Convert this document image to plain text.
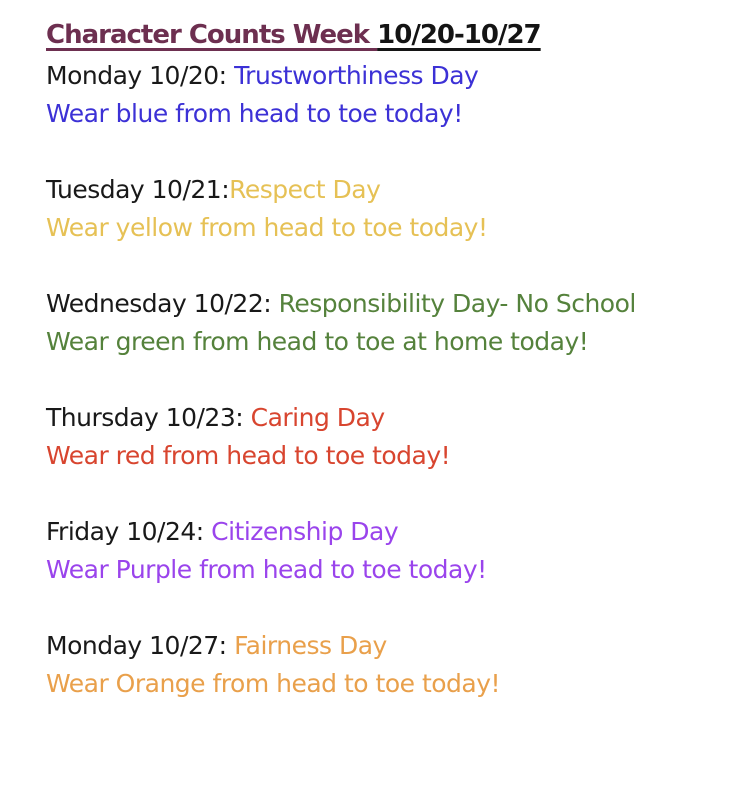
Character Counts Week 10/20-10/27
Monday 10/20: Trustworthiness Day
Wear blue from head to toe today!
Tuesday 10/21:Respect Day
Wear yellow from head to toe today!
Wednesday 10/22: Responsibility Day- No School
Wear green from head to toe at home today!
Thursday 10/23: Caring Day
Wear red from head to toe today!
Friday 10/24: Citizenship Day
Wear Purple from head to toe today!
Monday 10/27: Fairness Day
Wear Orange from head to toe today!
